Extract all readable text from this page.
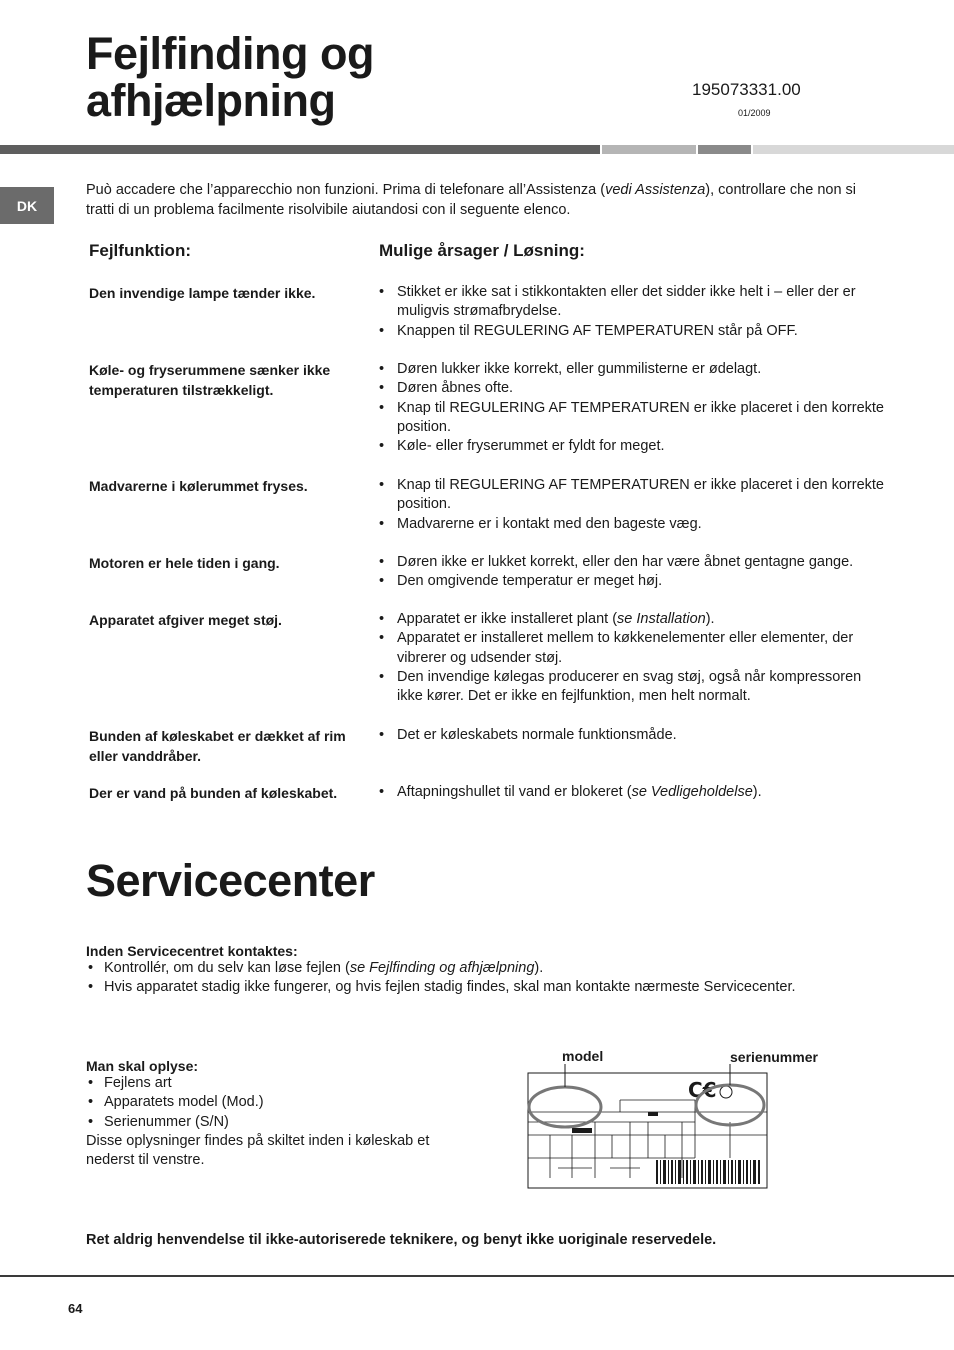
Fejlfinding og
afhjælpning	195073331.00
01/2009
DK
Può accadere che l’apparecchio non funzioni. Prima di telefonare all’Assistenza (vedi Assistenza), controllare che non si tratti di un problema facilmente risolvibile aiutandosi con il seguente elenco.
Fejlfunktion:	Mulige årsager / Løsning:
Den invendige lampe tænder ikke.	• Stikket er ikke sat i stikkontakten eller det sidder ikke helt i – eller der er muligvis strømafbrydelse.
• Knappen til REGULERING AF TEMPERATUREN står på OFF.
Køle- og fryserummene sænker ikke temperaturen tilstrækkeligt.
• Døren lukker ikke korrekt, eller gummilisterne er ødelagt.
• Døren åbnes ofte.
• Knap til REGULERING AF TEMPERATUREN er ikke placeret i den korrekte position.
• Køle- eller fryserummet er fyldt for meget.
Madvarerne i kølerummet fryses.	• Knap til REGULERING AF TEMPERATUREN er ikke placeret i den korrekte position.
• Madvarerne er i kontakt med den bageste væg.
Motoren er hele tiden i gang.	• Døren ikke er lukket korrekt, eller den har være åbnet gentagne gange.
• Den omgivende temperatur er meget høj.
Apparatet afgiver meget støj.	• Apparatet er ikke installeret plant (se Installation).
• Apparatet er installeret mellem to køkkenelementer eller elementer, der vibrerer og udsender støj.
• Den invendige kølegas producerer en svag støj, også når kompressoren ikke kører. Det er ikke en fejlfunktion, men helt normalt.
Bunden af køleskabet er dækket af rim eller vanddråber.
• Det er køleskabets normale funktionsmåde.
Der er vand på bunden af køleskabet.	• Aftapningshullet til vand er blokeret (se Vedligeholdelse).
Servicecenter
Inden Servicecentret kontaktes:
• Kontrollér, om du selv kan løse fejlen (se Fejlfinding og afhjælpning).
• Hvis apparatet stadig ikke fungerer, og hvis fejlen stadig findes, skal man kontakte nærmeste Servicecenter.
Man skal oplyse:
• Fejlens art
• Apparatets model (Mod.)
• Serienummer (S/N)
Disse oplysninger findes på skiltet inden i køleskab et nederst til venstre.
model	serienummer
C€
Ret aldrig henvendelse til ikke-autoriserede teknikere, og benyt ikke uoriginale reservedele.
64
